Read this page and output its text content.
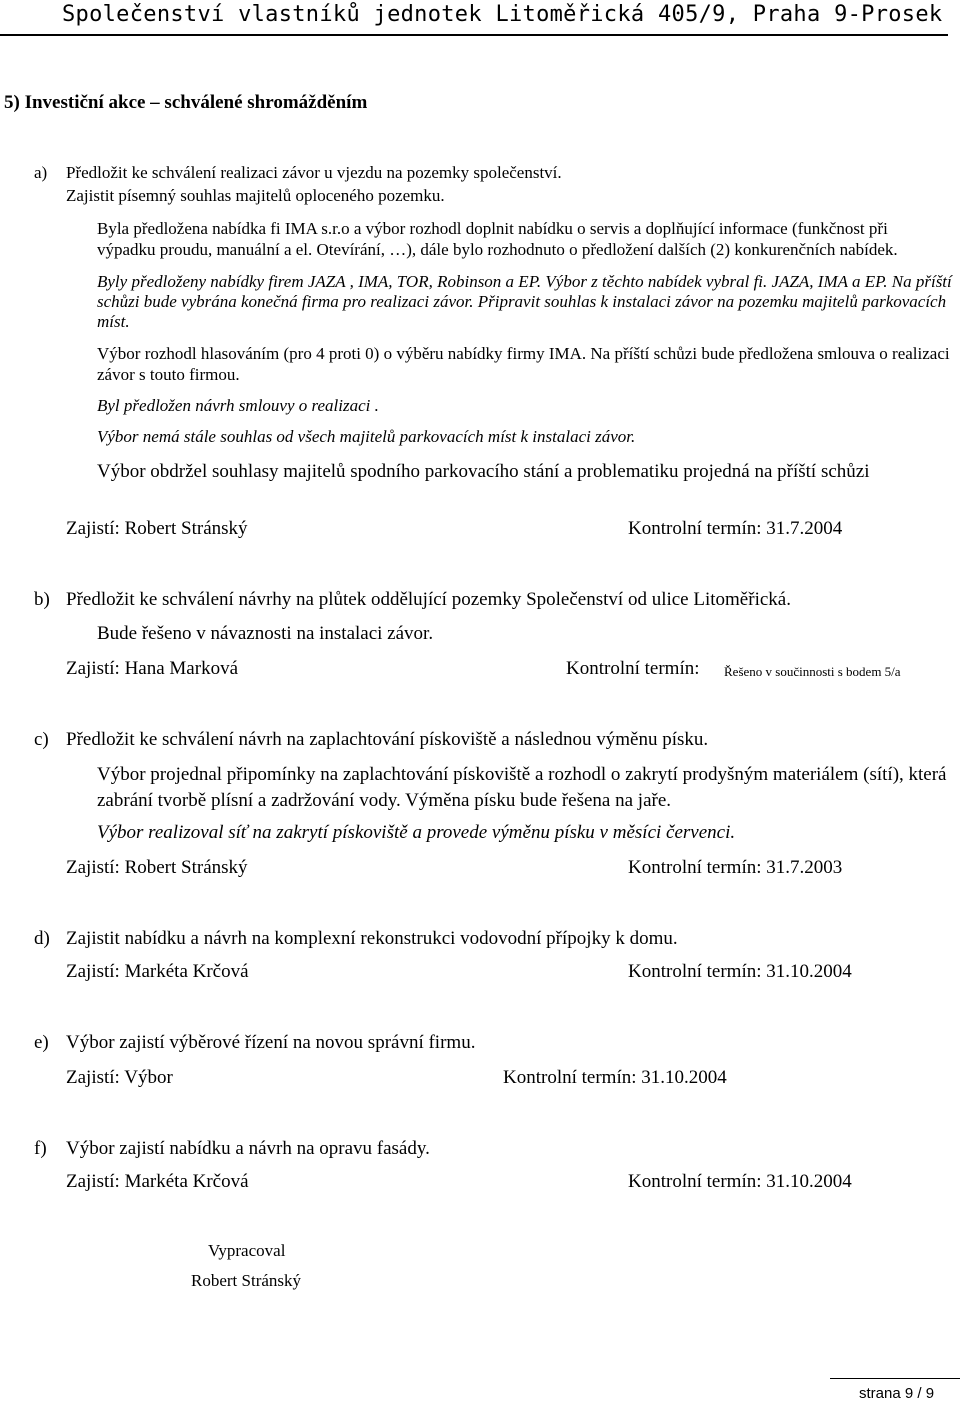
Společenství vlastníků jednotek Litoměřická 405/9, Praha 9-Prosek
5) Investiční akce – schválené shromážděním
a) Předložit ke schválení realizaci závor u vjezdu na pozemky společenství.
Zajistit písemný souhlas majitelů oploceného pozemku.
Byla předložena nabídka fi IMA s.r.o a výbor rozhodl doplnit nabídku o servis a doplňující informace (funkčnost při
výpadku proudu, manuální a el. Otevírání, …), dále bylo rozhodnuto o předložení dalších (2) konkurenčních nabídek.
Byly předloženy nabídky firem JAZA , IMA, TOR, Robinson a EP. Výbor z těchto nabídek vybral fi. JAZA, IMA a EP. Na příští schůzi bude vybrána konečná firma pro realizaci závor. Připravit souhlas k instalaci závor na pozemku majitelů parkovacích míst.
Výbor rozhodl hlasováním (pro 4 proti 0) o výběru nabídky firmy IMA. Na příští schůzi bude předložena smlouva o realizaci závor s touto firmou.
Byl předložen návrh smlouvy o realizaci .
Výbor nemá stále souhlas od všech majitelů parkovacích míst k instalaci závor.
Výbor obdržel souhlasy majitelů spodního parkovacího stání a problematiku projedná na příští schůzi
Zajistí: Robert Stránský	Kontrolní termín: 31.7.2004
b) Předložit ke schválení návrhy na plůtek oddělující pozemky Společenství od ulice Litoměřická.
Bude řešeno v návaznosti na instalaci závor.
Zajistí: Hana Marková	Kontrolní termín: Řešeno v součinnosti s bodem 5/a
c) Předložit ke schválení návrh na zaplachtování pískoviště a následnou výměnu písku.
Výbor projednal připomínky na zaplachtování pískoviště a rozhodl o zakrytí prodyšným materiálem (sítí), která zabrání tvorbě plísní a zadržování vody. Výměna písku bude řešena na jaře.
Výbor realizoval síť na zakrytí pískoviště a provede výměnu písku v měsíci červenci.
Zajistí: Robert Stránský	Kontrolní termín: 31.7.2003
d) Zajistit nabídku a návrh na komplexní rekonstrukci vodovodní přípojky k domu.
Zajistí: Markéta Krčová	Kontrolní termín: 31.10.2004
e) Výbor zajistí výběrové řízení na novou správní firmu.
Zajistí: Výbor	Kontrolní termín: 31.10.2004
f) Výbor zajistí nabídku a návrh na opravu fasády.
Zajistí: Markéta Krčová	Kontrolní termín: 31.10.2004
Vypracoval
Robert Stránský
strana 9 / 9
